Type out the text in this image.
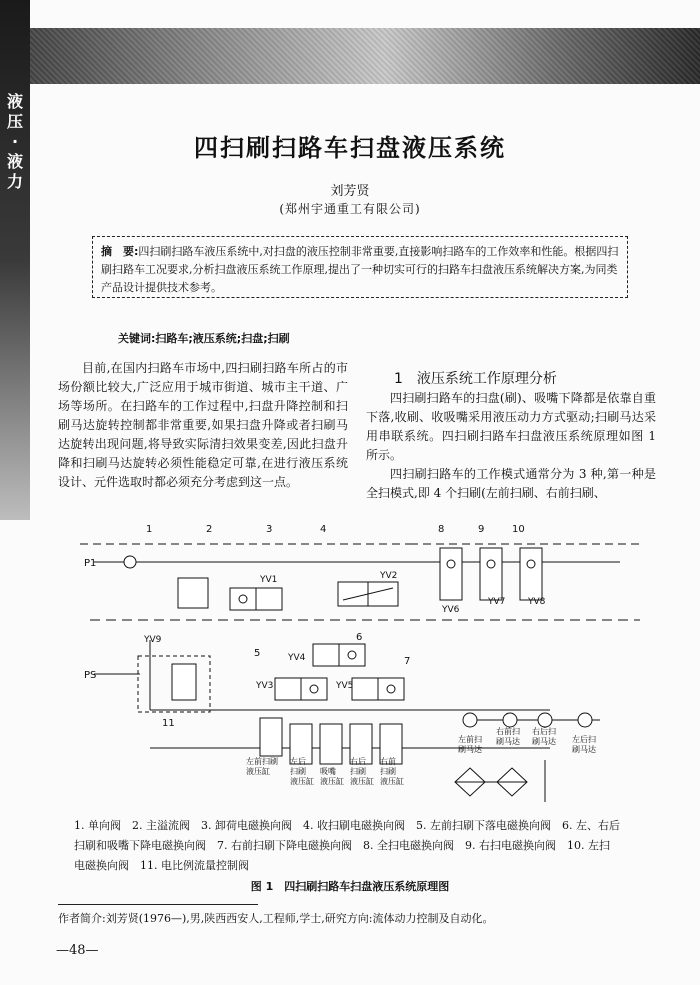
液压·液力
四扫刷扫路车扫盘液压系统
刘芳贤
(郑州宇通重工有限公司)
摘　要:四扫刷扫路车液压系统中,对扫盘的液压控制非常重要,直接影响扫路车的工作效率和性能。根据四扫刷扫路车工况要求,分析扫盘液压系统工作原理,提出了一种切实可行的扫路车扫盘液压系统解决方案,为同类产品设计提供技术参考。
关键词:扫路车;液压系统;扫盘;扫刷

目前,在国内扫路车市场中,四扫刷扫路车所占的市场份额比较大,广泛应用于城市街道、城市主干道、广场等场所。在扫路车的工作过程中,扫盘升降控制和扫刷马达旋转控制都非常重要,如果扫盘升降或者扫刷马达旋转出现问题,将导致实际清扫效果变差,因此扫盘升降和扫刷马达旋转必须性能稳定可靠,在进行液压系统设计、元件选取时都必须充分考虑到这一点。

1　液压系统工作原理分析

四扫刷扫路车的扫盘(刷)、吸嘴下降都是依靠自重下落,收刷、收吸嘴采用液压动力方式驱动;扫刷马达采用串联系统。四扫刷扫路车扫盘液压系统原理如图 1 所示。

四扫刷扫路车的工作模式通常分为 3 种,第一种是全扫模式,即 4 个扫刷(左前扫刷、右前扫刷、

1	2	3	4
6
5
7
8	9	10
11
P1
PS
YV1	YV2
YV3
YV4
YV5
YV6
YV7	YV8
YV9
左前扫刷
液压缸
左后
扫刷
液压缸
吸嘴
液压缸
右后
扫刷
液压缸
右前
扫刷
液压缸
左前扫
刷马达
右前扫
刷马达
右后扫
刷马达 左后扫
刷马达
1. 单向阀　2. 主溢流阀　3. 卸荷电磁换向阀　4. 收扫刷电磁换向阀　5. 左前扫刷下落电磁换向阀　6. 左、右后
扫刷和吸嘴下降电磁换向阀　7. 右前扫刷下降电磁换向阀　8. 全扫电磁换向阀　9. 右扫电磁换向阀　10. 左扫
电磁换向阀　11. 电比例流量控制阀
图 1　四扫刷扫路车扫盘液压系统原理图
作者简介:刘芳贤(1976—),男,陕西西安人,工程师,学士,研究方向:流体动力控制及自动化。
—48—
